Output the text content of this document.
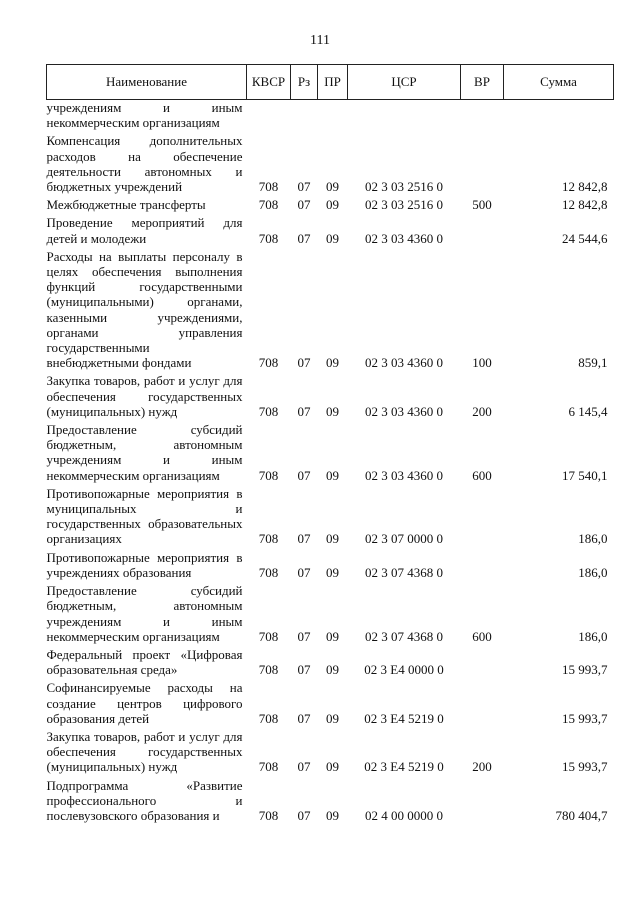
111
Наименование	КВСР	Рз	ПР	ЦСР	ВР	Сумма
учреждениям и иным некоммерческим организациям						
Компенсация дополнительных расходов на обеспечение деятельности автономных и бюджетных учреждений	708	07	09	02 3 03 2516 0		12 842,8
Межбюджетные трансферты	708	07	09	02 3 03 2516 0	500	12 842,8
Проведение мероприятий для детей и молодежи	708	07	09	02 3 03 4360 0		24 544,6
Расходы на выплаты персоналу в целях обеспечения выполнения функций государственными (муниципальными) органами, казенными учреждениями, органами управления государственными внебюджетными фондами	708	07	09	02 3 03 4360 0	100	859,1
Закупка товаров, работ и услуг для обеспечения государственных (муниципальных) нужд	708	07	09	02 3 03 4360 0	200	6 145,4
Предоставление субсидий бюджетным, автономным учреждениям и иным некоммерческим организациям	708	07	09	02 3 03 4360 0	600	17 540,1
Противопожарные мероприятия в муниципальных и государственных образовательных организациях	708	07	09	02 3 07 0000 0		186,0
Противопожарные мероприятия в учреждениях образования	708	07	09	02 3 07 4368 0		186,0
Предоставление субсидий бюджетным, автономным учреждениям и иным некоммерческим организациям	708	07	09	02 3 07 4368 0	600	186,0
Федеральный проект «Цифровая образовательная среда»	708	07	09	02 3 E4 0000 0		15 993,7
Софинансируемые расходы на создание центров цифрового образования детей	708	07	09	02 3 E4 5219 0		15 993,7
Закупка товаров, работ и услуг для обеспечения государственных (муниципальных) нужд	708	07	09	02 3 E4 5219 0	200	15 993,7
Подпрограмма «Развитие профессионального и послевузовского образования и	708	07	09	02 4 00 0000 0		780 404,7
